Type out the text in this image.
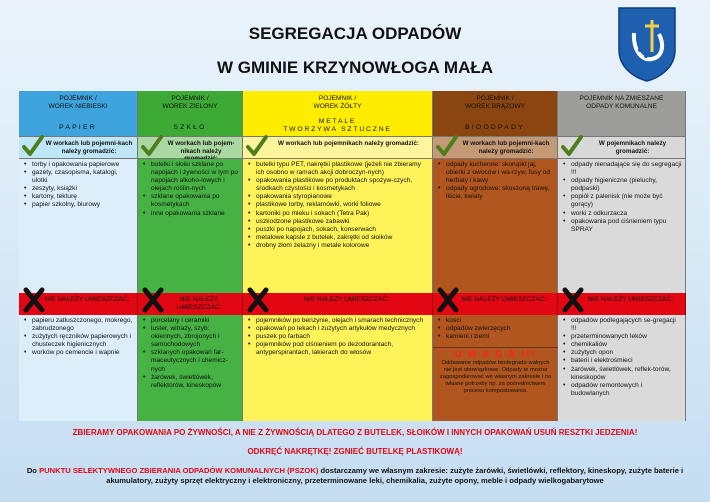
SEGREGACJA ODPADÓW
W GMINIE KRZYNOWŁOGA MAŁA
POJEMNIK /
WOREK NIEBIESKI
PAPIER
W workach lub pojemni-kach należy gromadzić:
• torby i opakowania papierowe
• gazety, czasopisma, katalogi, ulotki
• zeszyty, książki
• kartony, tekturę
• papier szkolny, biurowy
NIE NALEŻY UMIESZCZAĆ:
• papieru zatłuszczonego, mokrego, zabrudzonego
• zużytych ręczników papierowych i chusteczek higienicznych
• worków po cemencie i wapnie
POJEMNIK /
WOREK ZIELONY
SZKŁO
W workach lub pojem-nikach należy
• butelki i słoiki szklane po napojach i żywności w tym po napojach alkoho-lowych i olejach roślin-nych
• szklane opakowania po kosmetykach
• inne opakowania szklane
NIE NALEŻY UMIESZCZAĆ:
• porcelany i ceramiki
• luster, witraży, szyb: okiennych, zbrojonych i samochodowych
• szklanych opakowań far-maceutycznych i chemicz-nych
• żarówek, świetlówek, reflektorów, kineskopów
POJEMNIK /
WOREK ŻÓŁTY
METALE
TWORZYWA SZTUCZNE
W workach lub pojemnikach należy gromadzić:
• butelki typu PET, nakrętki plastikowe (jeżeli nie zbieramy ich osobno w ramach akcji dobroczyn-nych)
• opakowania plastikowe po produktach spożyw-czych, środkach czystości i kosmetykach
• opakowania styropianowe
• plastikowe torby, reklamówki, worki foliowe
• kartoniki po mleku i sokach (Tetra Pak)
• uszkodzone plastikowe zabawki
• puszki po napojach, sokach, konserwach
• metalowe kapsle z butelek, zakrętki od słoików
• drobny złom żelazny i metale kolorowe
NIE NALEŻY UMIESZCZAĆ:
• pojemników po benzynie, olejach i smarach technicznych
• opakowań po lekach i zużytych artykułów medycznych
• puszek po farbach
• pojemników pod ciśnieniem po dezodorantach, antyperspirantach, lakierach do włosów
POJEMNIK /
WOREK BRĄZOWY
BIOODPADY
W workach lub pojemni-kach należy gromadzić:
• odpady kuchenne: skorupki jaj, obierki z owoców i wa-rzyw, fusy od herbaty i kawy
• odpady ogrodowe: skoszoną trawę, liście, kwiaty
NIE NALEŻY UMIESZCZAĆ:
• kości
• odpadów zwierzęcych
• kamieni i ziemi
U W A G A !!!
Oddawanie odpadów biodegrado-walnych nie jest obowiązkowe. Odpady te można zagospodarować we własnym zakresie i na własne potrzeby np. za pośrednictwem procesu kompostowania.
POJEMNIK NA ZMIESZANE
ODPADY KOMUNALNE
W pojemnikach należy gromadzić:
• odpady nienadające się do segregacji !!!
• odpady higieniczne (pieluchy, podpaski)
• popiół z palenisk (nie może być gorący)
• worki z odkurzacza
• opakowania pod ciśnieniem typu SPRAY
NIE NALEŻY UMIESZCZAĆ:
• odpadów podlegających se-gregacji !!!
• przeterminowanych leków
• chemikaliów
• zużytych opon
• baterii i elektrośmieci
• żarówek, świetlówek, reflek-torów, kineskopów
• odpadów remontowych i budowlanych
ZBIERAMY OPAKOWANIA PO ŻYWNOŚCI, A NIE Z ŻYWNOŚCIĄ DLATEGO Z BUTELEK, SŁOIKÓW I INNYCH OPAKOWAŃ USUŃ RESZTKI JEDZENIA!
ODKRĘĆ NAKRĘTKĘ! ZGNIEĆ BUTELKĘ PLASTIKOWĄ!
Do PUNKTU SELEKTYWNEGO ZBIERANIA ODPADÓW KOMUNALNYCH (PSZOK) dostarczamy we własnym zakresie: zużyte żarówki, świetlówki, reflektory, kineskopy, zużyte baterie i akumulatory, zużyty sprzęt elektryczny i elektroniczny, przeterminowane leki, chemikalia, zużyte opony, meble i odpady wielkogabarytowe
